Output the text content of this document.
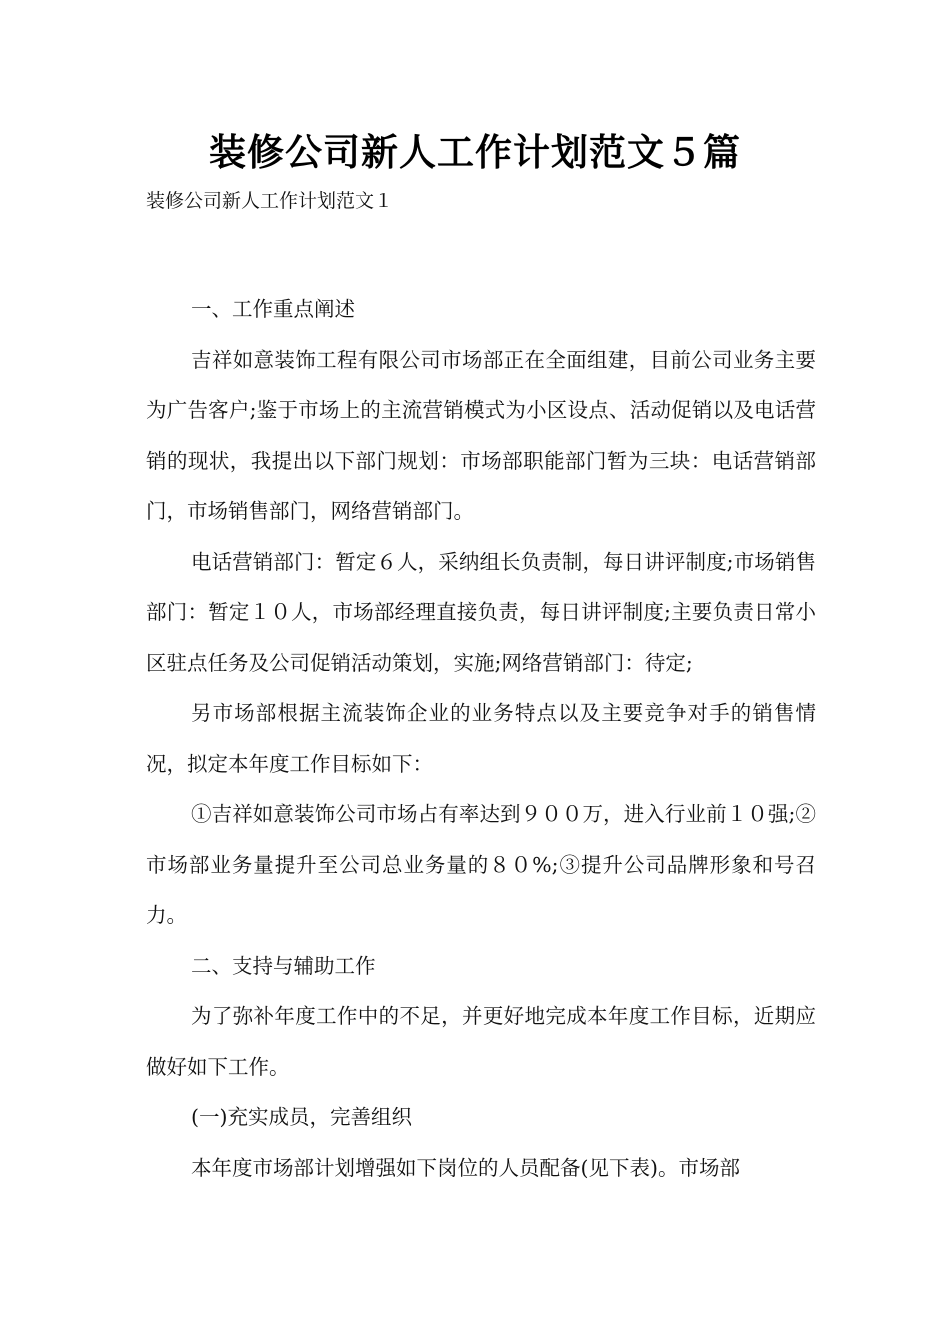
装修公司新人工作计划范文５篇
装修公司新人工作计划范文１

一、工作重点阐述

吉祥如意装饰工程有限公司市场部正在全面组建，目前公司业务主要为广告客户;鉴于市场上的主流营销模式为小区设点、活动促销以及电话营销的现状，我提出以下部门规划：市场部职能部门暂为三块：电话营销部门，市场销售部门，网络营销部门。

电话营销部门：暂定６人，采纳组长负责制，每日讲评制度;市场销售部门：暂定１０人，市场部经理直接负责，每日讲评制度;主要负责日常小区驻点任务及公司促销活动策划，实施;网络营销部门：待定;

另市场部根据主流装饰企业的业务特点以及主要竞争对手的销售情况，拟定本年度工作目标如下：

①吉祥如意装饰公司市场占有率达到９００万，进入行业前１０强;②市场部业务量提升至公司总业务量的８０%;③提升公司品牌形象和号召力。

二、支持与辅助工作

为了弥补年度工作中的不足，并更好地完成本年度工作目标，近期应做好如下工作。

(一)充实成员，完善组织

本年度市场部计划增强如下岗位的人员配备(见下表)。市场部
